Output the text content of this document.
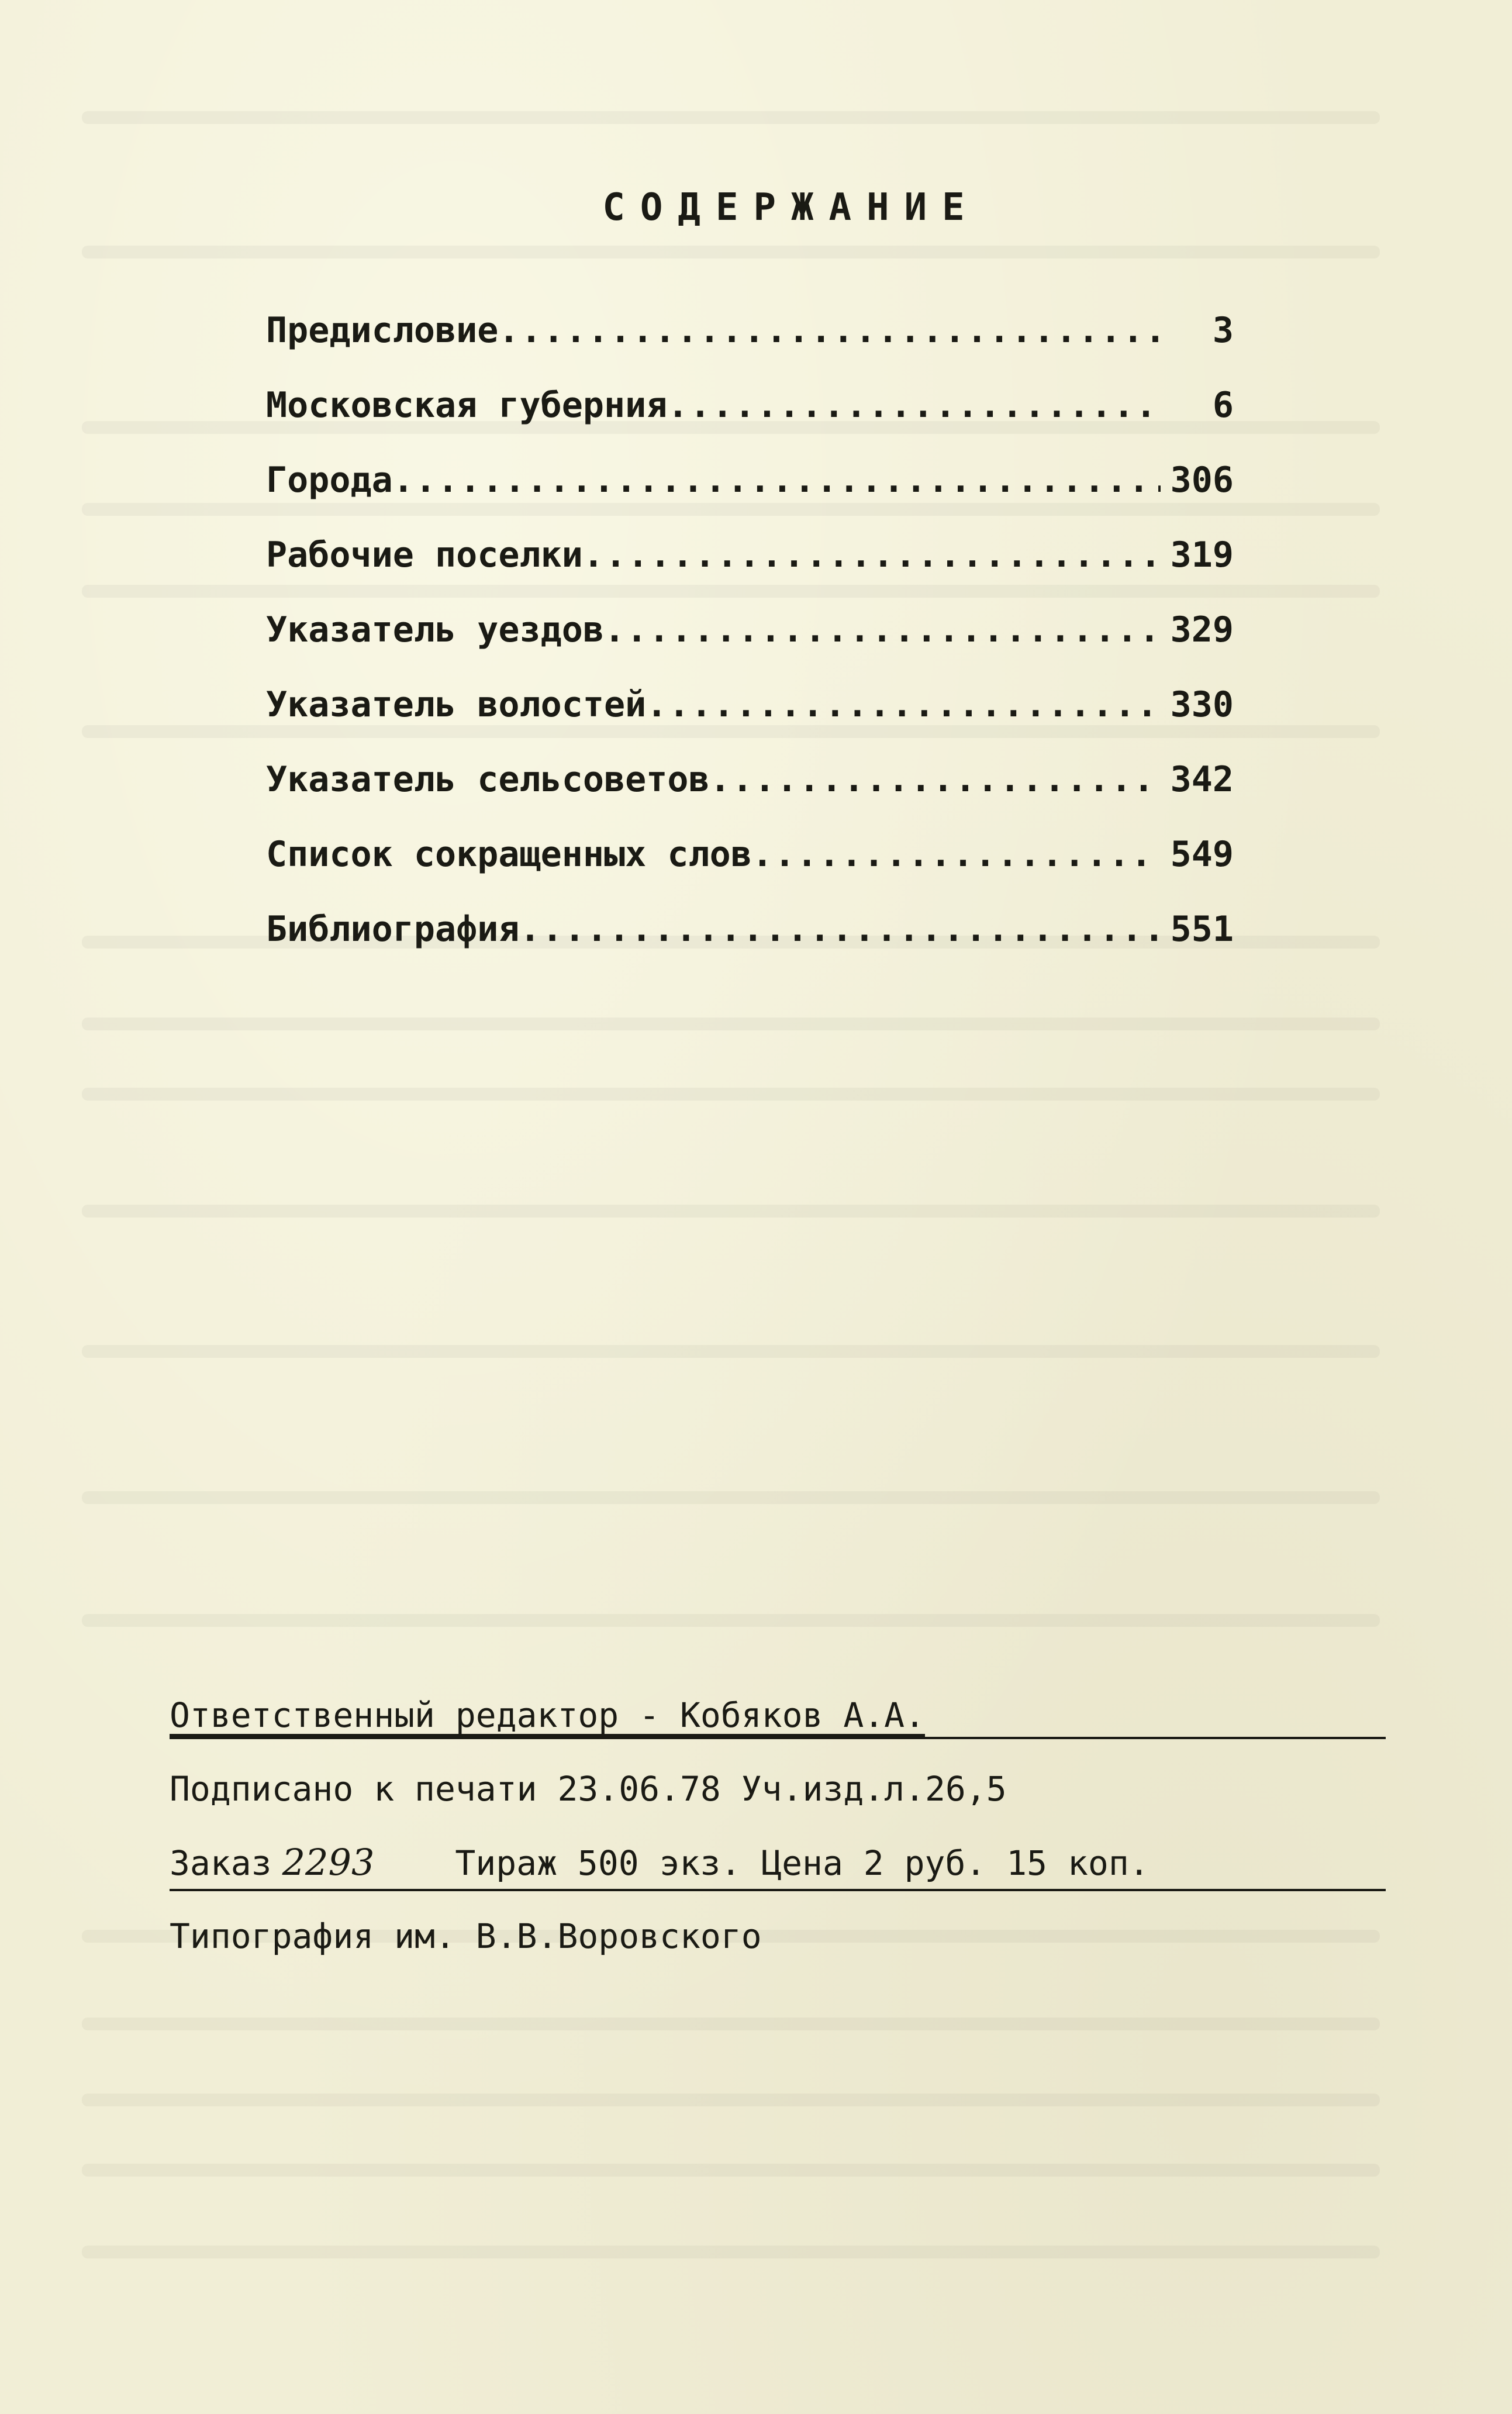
СОДЕРЖАНИЕ
Предисловие .....	3
Московская губерния .....	6
Города .....	306
Рабочие поселки .....	319
Указатель уездов .....	329
Указатель волостей .....	330
Указатель сельсоветов .....	342
Список сокращенных слов .....	549
Библиография .....	551
Ответственный редактор - Кобяков А.А.
Подписано к печати 23.06.78 Уч.изд.л.26,5
Заказ 2293 Тираж 500 экз. Цена 2 руб. 15 коп.
Типография им. В.В.Воровского
